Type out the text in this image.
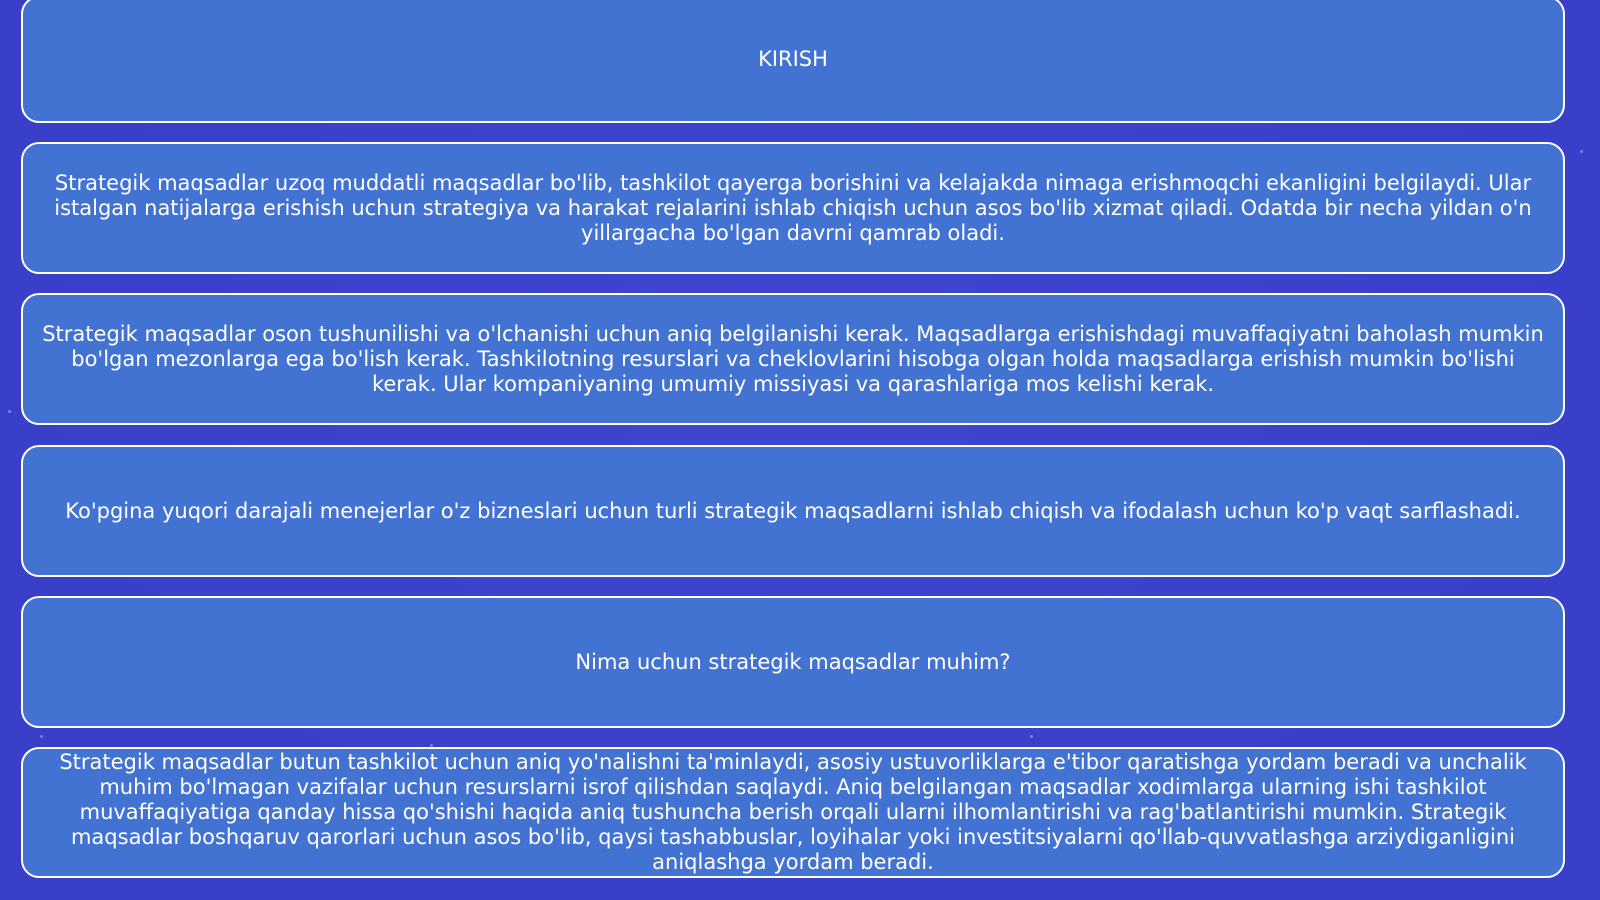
KIRISH
Strategik maqsadlar uzoq muddatli maqsadlar bo'lib, tashkilot qayerga borishini va kelajakda nimaga erishmoqchi ekanligini belgilaydi. Ular istalgan natijalarga erishish uchun strategiya va harakat rejalarini ishlab chiqish uchun asos bo'lib xizmat qiladi. Odatda bir necha yildan o'n yillargacha bo'lgan davrni qamrab oladi.
Strategik maqsadlar oson tushunilishi va o'lchanishi uchun aniq belgilanishi kerak. Maqsadlarga erishishdagi muvaffaqiyatni baholash mumkin bo'lgan mezonlarga ega bo'lish kerak. Tashkilotning resurslari va cheklovlarini hisobga olgan holda maqsadlarga erishish mumkin bo'lishi kerak. Ular kompaniyaning umumiy missiyasi va qarashlariga mos kelishi kerak.
Ko'pgina yuqori darajali menejerlar o'z bizneslari uchun turli strategik maqsadlarni ishlab chiqish va ifodalash uchun ko'p vaqt sarflashadi.
Nima uchun strategik maqsadlar muhim?
Strategik maqsadlar butun tashkilot uchun aniq yo'nalishni ta'minlaydi, asosiy ustuvorliklarga e'tibor qaratishga yordam beradi va unchalik muhim bo'lmagan vazifalar uchun resurslarni isrof qilishdan saqlaydi. Aniq belgilangan maqsadlar xodimlarga ularning ishi tashkilot muvaffaqiyatiga qanday hissa qo'shishi haqida aniq tushuncha berish orqali ularni ilhomlantirishi va rag'batlantirishi mumkin. Strategik maqsadlar boshqaruv qarorlari uchun asos bo'lib, qaysi tashabbuslar, loyihalar yoki investitsiyalarni qo'llab-quvvatlashga arziydiganligini aniqlashga yordam beradi.
